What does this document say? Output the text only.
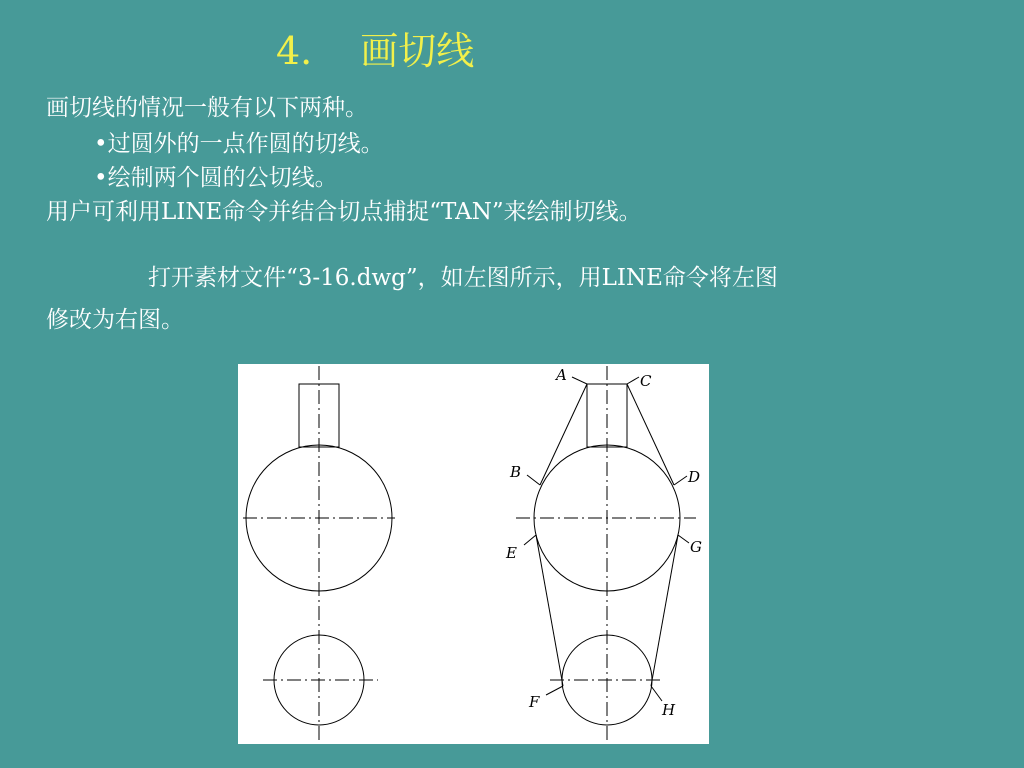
4. 画切线
画切线的情况一般有以下两种。
•过圆外的一点作圆的切线。
•绘制两个圆的公切线。
用户可利用LINE命令并结合切点捕捉“TAN”来绘制切线。
打开素材文件“3-16.dwg”，如左图所示，用LINE命令将左图
修改为右图。
A	C
B	D
E	G
F	H
